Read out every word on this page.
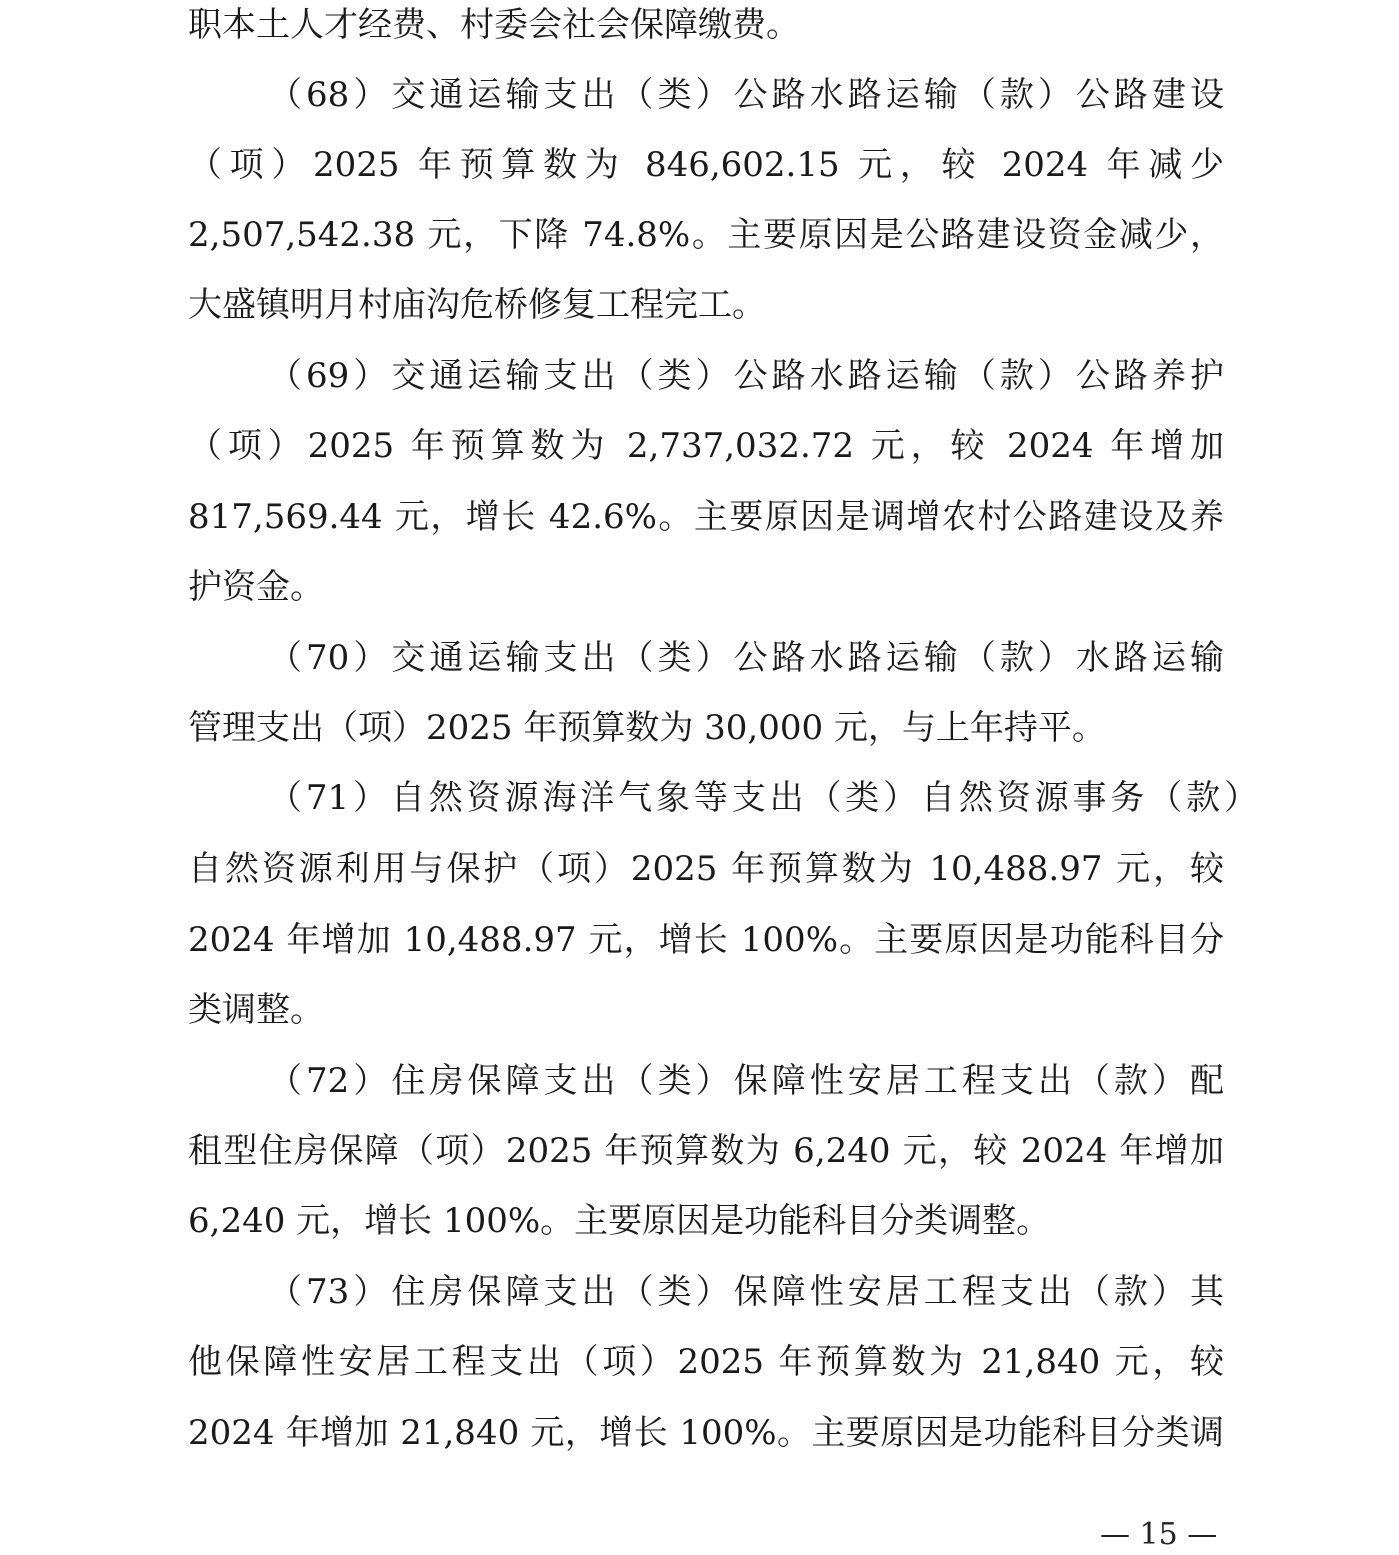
职本土人才经费、村委会社会保障缴费。
（68）交通运输支出（类）公路水路运输（款）公路建设
（项）2025 年预算数为 846,602.15 元，较 2024 年减少
2,507,542.38 元，下降 74.8%。主要原因是公路建设资金减少，
大盛镇明月村庙沟危桥修复工程完工。
（69）交通运输支出（类）公路水路运输（款）公路养护
（项）2025 年预算数为 2,737,032.72 元，较 2024 年增加
817,569.44 元，增长 42.6%。主要原因是调增农村公路建设及养
护资金。
（70）交通运输支出（类）公路水路运输（款）水路运输
管理支出（项）2025 年预算数为 30,000 元，与上年持平。
（71）自然资源海洋气象等支出（类）自然资源事务（款）
自然资源利用与保护（项）2025 年预算数为 10,488.97 元，较
2024 年增加 10,488.97 元，增长 100%。主要原因是功能科目分
类调整。
（72）住房保障支出（类）保障性安居工程支出（款）配
租型住房保障（项）2025 年预算数为 6,240 元，较 2024 年增加
6,240 元，增长 100%。主要原因是功能科目分类调整。
（73）住房保障支出（类）保障性安居工程支出（款）其
他保障性安居工程支出（项）2025 年预算数为 21,840 元，较
2024 年增加 21,840 元，增长 100%。主要原因是功能科目分类调
— 15 —
